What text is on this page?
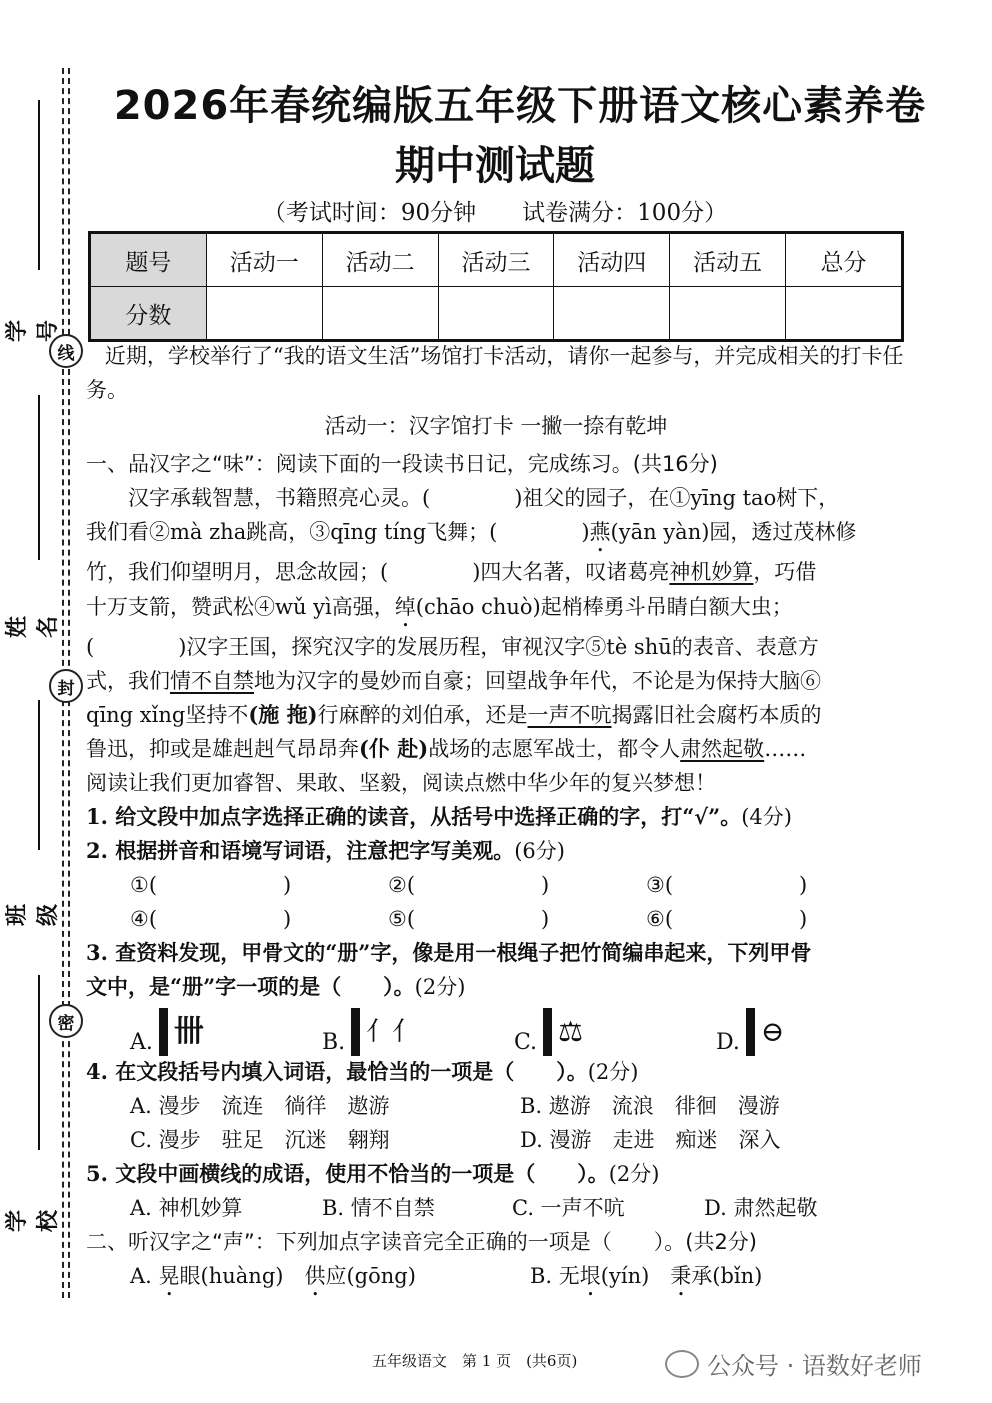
线
封
密
学号
姓名
班级
学校
2026年春统编版五年级下册语文核心素养卷
期中测试题
（考试时间：90分钟　　试卷满分：100分）
题号	活动一	活动二	活动三	活动四	活动五	总分
分数						
近期，学校举行了“我的语文生活”场馆打卡活动，请你一起参与，并完成相关的打卡任务。
活动一：汉字馆打卡 一撇一捺有乾坤
一、品汉字之“味”：阅读下面的一段读书日记，完成练习。(共16分)
汉字承载智慧，书籍照亮心灵。(　　　　)祖父的园子，在①yīng tao树下，
我们看②mà zha跳高，③qīng tíng飞舞；(　　　　)燕(yān yàn)园，透过茂林修
竹，我们仰望明月，思念故园；(　　　　)四大名著，叹诸葛亮神机妙算，巧借
十万支箭，赞武松④wǔ yì高强，绰(chāo chuò)起梢棒勇斗吊睛白额大虫；
(　　　　)汉字王国，探究汉字的发展历程，审视汉字⑤tè shū的表音、表意方
式，我们情不自禁地为汉字的曼妙而自豪；回望战争年代，不论是为保持大脑⑥
qīng xǐng坚持不(施 拖)行麻醉的刘伯承，还是一声不吭揭露旧社会腐朽本质的
鲁迅，抑或是雄赳赳气昂昂奔(仆 赴)战场的志愿军战士，都令人肃然起敬……
阅读让我们更加睿智、果敢、坚毅，阅读点燃中华少年的复兴梦想！
1. 给文段中加点字选择正确的读音，从括号中选择正确的字，打“√”。(4分)
2. 根据拼音和语境写词语，注意把字写美观。(6分)
①(　　　　　　)	②(　　　　　　)	③(　　　　　　)
④(　　　　　　)	⑤(　　　　　　)	⑥(　　　　　　)
3. 查资料发现，甲骨文的“册”字，像是用一根绳子把竹简编串起来，下列甲骨
文中，是“册”字一项的是（　　）。(2分)
A. 卌	B. ⺅⺅	C. ⚖	D. ⊖
4. 在文段括号内填入词语，最恰当的一项是（　　）。(2分)
A. 漫步　流连　徜徉　遨游	B. 遨游　流浪　徘徊　漫游
C. 漫步　驻足　沉迷　翱翔	D. 漫游　走进　痴迷　深入
5. 文段中画横线的成语，使用不恰当的一项是（　　）。(2分)
A. 神机妙算	B. 情不自禁	C. 一声不吭	D. 肃然起敬
二、听汉字之“声”：下列加点字读音完全正确的一项是（　　）。(共2分)
A. 晃眼(huàng)　 供应(gōng)	B. 无垠(yín)　 秉承(bǐn)
五年级语文　第 1 页　(共6页)	公众号 · 语数好老师
